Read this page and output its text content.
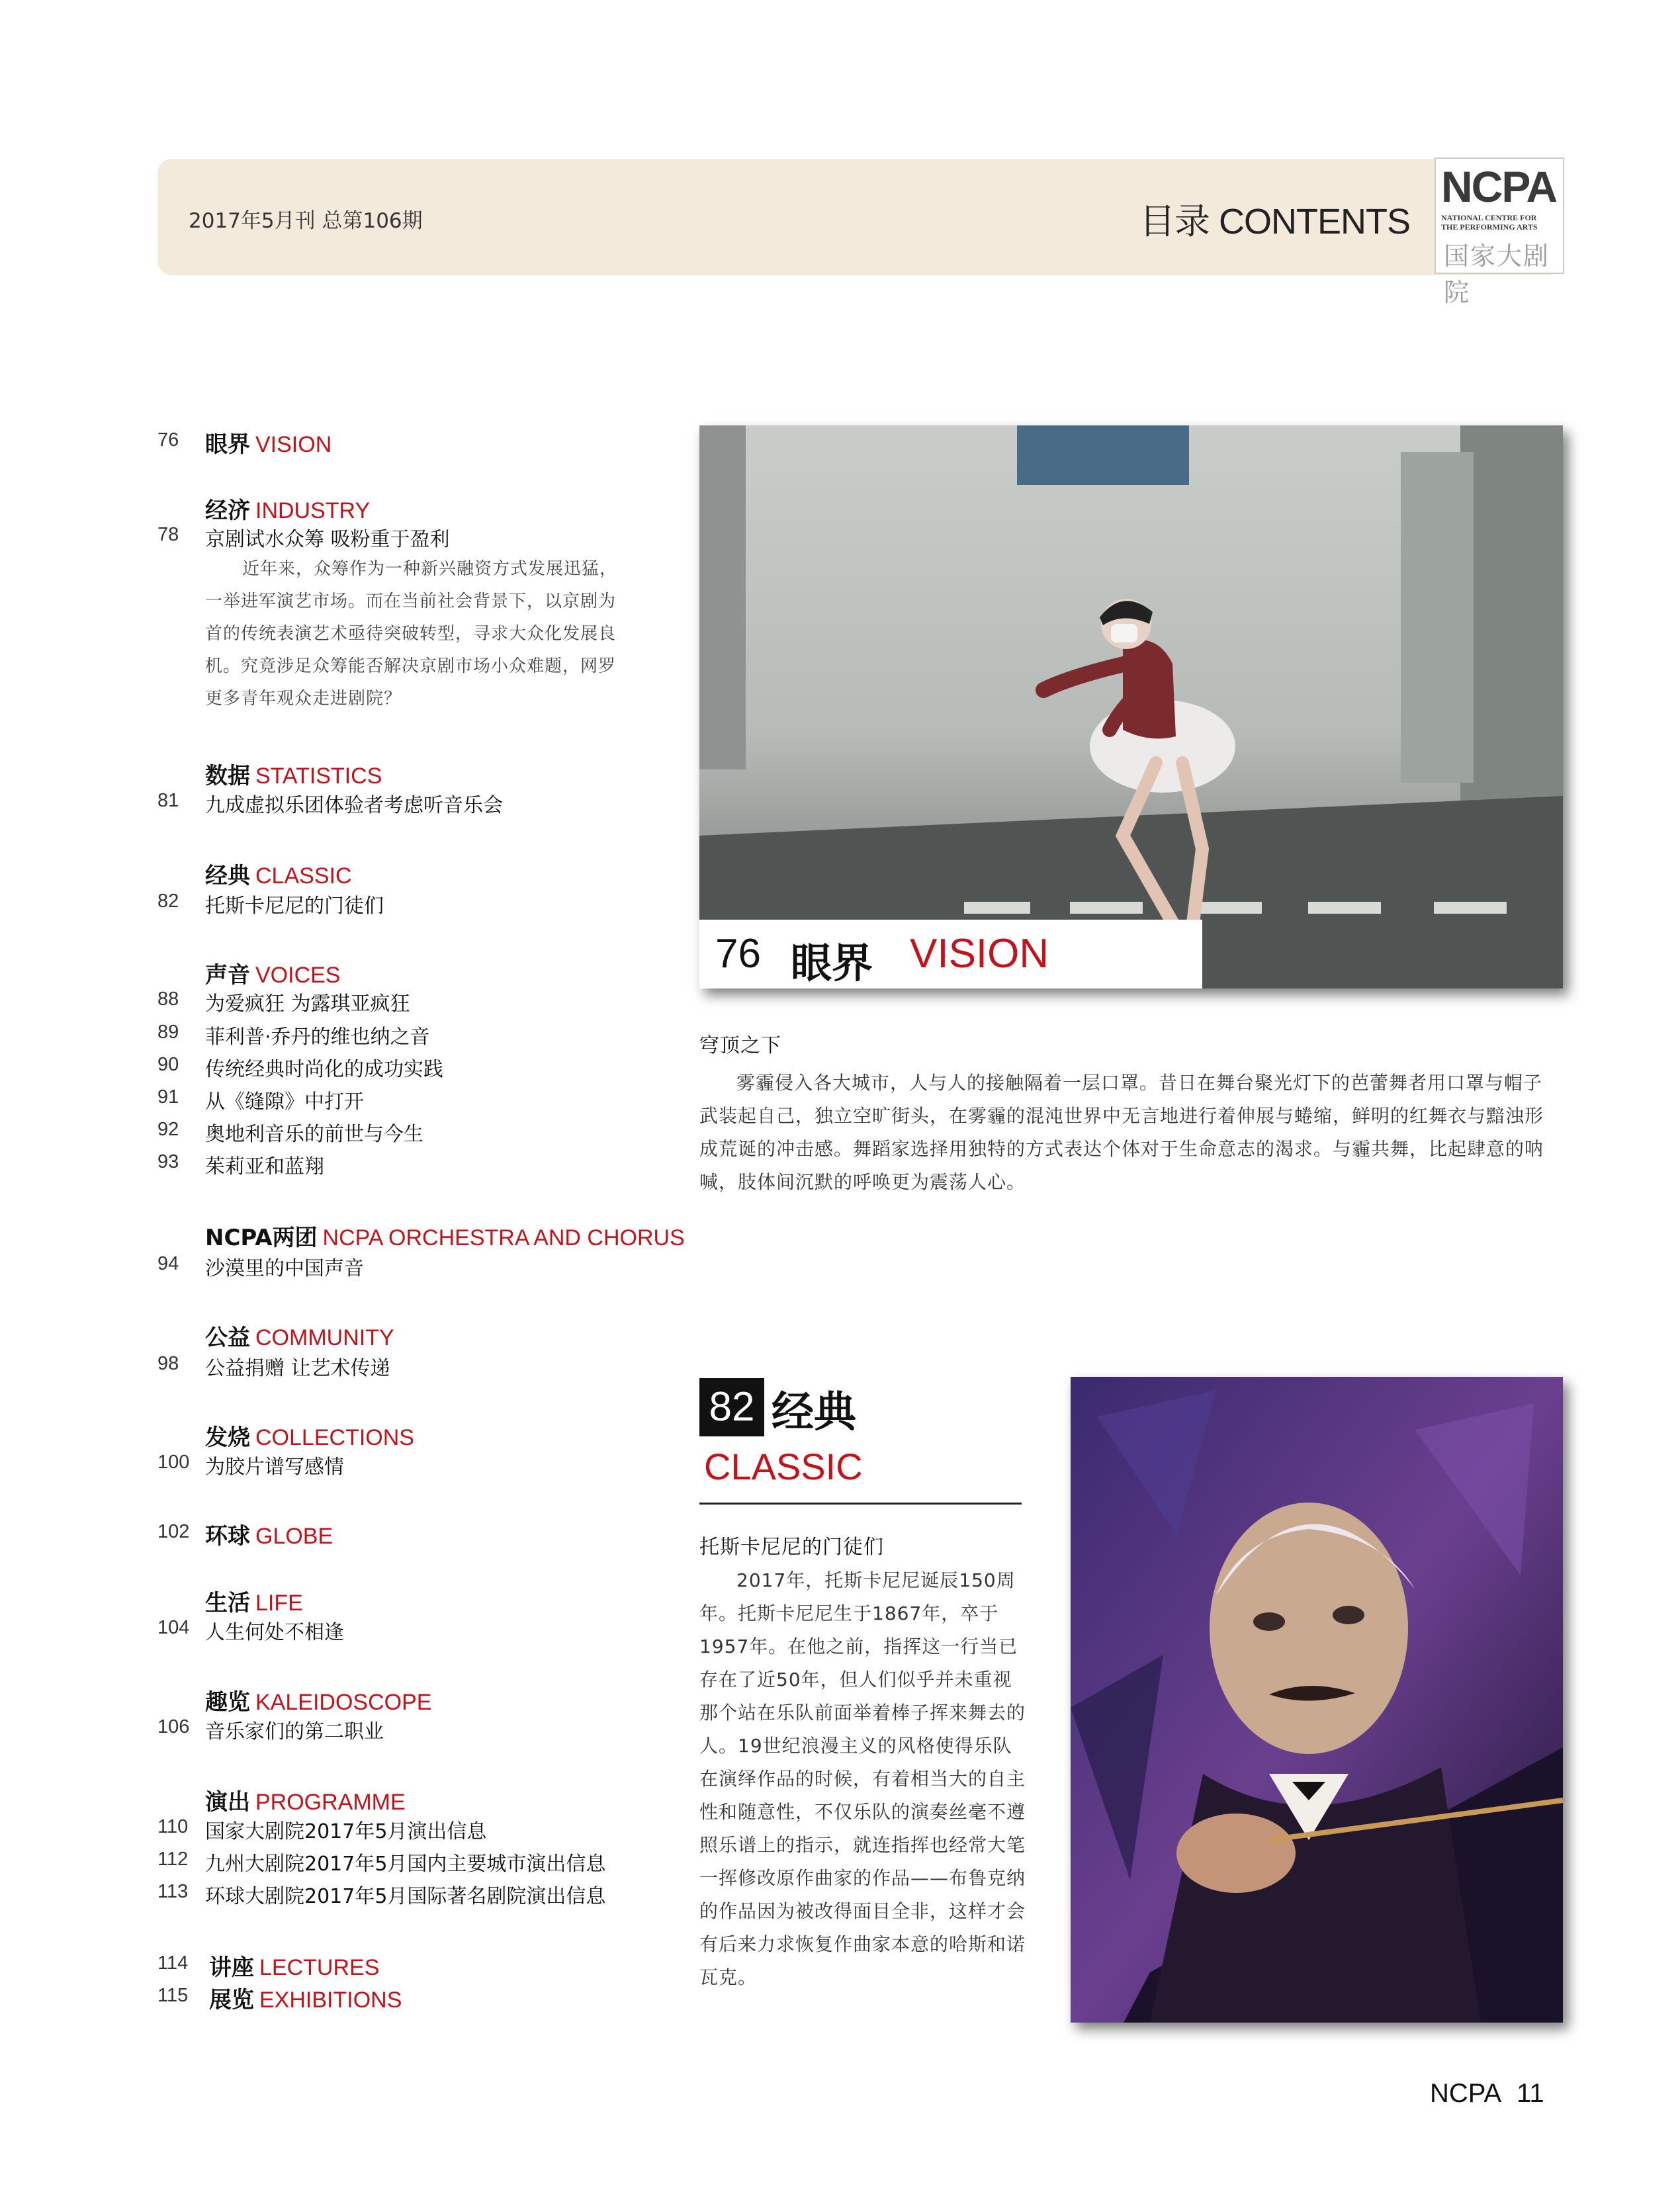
2017年5月刊 总第106期	目录 CONTENTS
NCPA
NATIONAL CENTRE FOR
THE PERFORMING ARTS
国家大剧院
76 眼界 VISION
经济 INDUSTRY
78 京剧试水众筹 吸粉重于盈利
近年来，众筹作为一种新兴融资方式发展迅猛，一举进军演艺市场。而在当前社会背景下，以京剧为首的传统表演艺术亟待突破转型，寻求大众化发展良机。究竟涉足众筹能否解决京剧市场小众难题，网罗更多青年观众走进剧院？
数据 STATISTICS
81 九成虚拟乐团体验者考虑听音乐会
经典 CLASSIC
82 托斯卡尼尼的门徒们
声音 VOICES
88 为爱疯狂 为露琪亚疯狂
89 菲利普·乔丹的维也纳之音
90 传统经典时尚化的成功实践
91 从《缝隙》中打开
92 奥地利音乐的前世与今生
93 茱莉亚和蓝翔
NCPA两团 NCPA ORCHESTRA AND CHORUS
94 沙漠里的中国声音
公益 COMMUNITY
98 公益捐赠 让艺术传递
发烧 COLLECTIONS
100 为胶片谱写感情
102 环球 GLOBE
生活 LIFE
104 人生何处不相逢
趣览 KALEIDOSCOPE
106 音乐家们的第二职业
演出 PROGRAMME
110 国家大剧院2017年5月演出信息
112 九州大剧院2017年5月国内主要城市演出信息
113 环球大剧院2017年5月国际著名剧院演出信息
114 讲座 LECTURES
115 展览 EXHIBITIONS
76 眼界 VISION
穹顶之下
雾霾侵入各大城市，人与人的接触隔着一层口罩。昔日在舞台聚光灯下的芭蕾舞者用口罩与帽子武装起自己，独立空旷街头，在雾霾的混沌世界中无言地进行着伸展与蜷缩，鲜明的红舞衣与黯浊形成荒诞的冲击感。舞蹈家选择用独特的方式表达个体对于生命意志的渴求。与霾共舞，比起肆意的呐喊，肢体间沉默的呼唤更为震荡人心。
82 经典
CLASSIC
托斯卡尼尼的门徒们
2017年，托斯卡尼尼诞辰150周年。托斯卡尼尼生于1867年，卒于1957年。在他之前，指挥这一行当已存在了近50年，但人们似乎并未重视那个站在乐队前面举着棒子挥来舞去的人。19世纪浪漫主义的风格使得乐队在演绎作品的时候，有着相当大的自主性和随意性，不仅乐队的演奏丝毫不遵照乐谱上的指示，就连指挥也经常大笔一挥修改原作曲家的作品——布鲁克纳的作品因为被改得面目全非，这样才会有后来力求恢复作曲家本意的哈斯和诺瓦克。
NCPA 11
